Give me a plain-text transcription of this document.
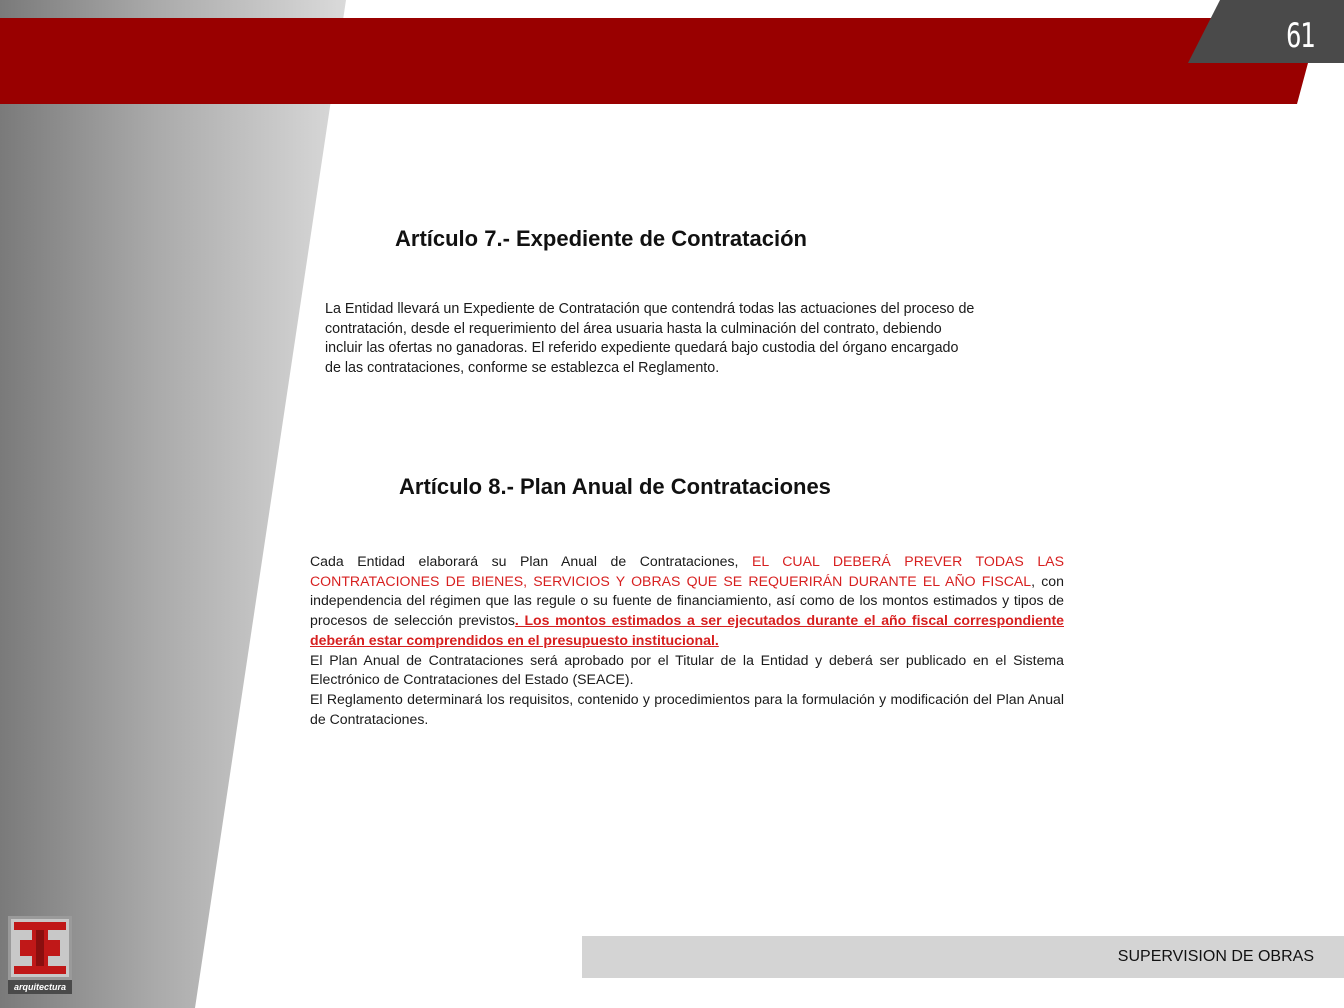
61
Artículo 7.- Expediente de Contratación

La Entidad llevará un Expediente de Contratación que contendrá todas las actuaciones del proceso de contratación, desde el requerimiento del área usuaria hasta la culminación del contrato, debiendo incluir las ofertas no ganadoras. El referido expediente quedará bajo custodia del órgano encargado de las contrataciones, conforme se establezca el Reglamento.

Artículo 8.- Plan Anual de Contrataciones

Cada Entidad elaborará su Plan Anual de Contrataciones, EL CUAL DEBERÁ PREVER TODAS LAS CONTRATACIONES DE BIENES, SERVICIOS Y OBRAS QUE SE REQUERIRÁN DURANTE EL AÑO FISCAL, con independencia del régimen que las regule o su fuente de financiamiento, así como de los montos estimados y tipos de procesos de selección previstos. Los montos estimados a ser ejecutados durante el año fiscal correspondiente deberán estar comprendidos en el presupuesto institucional.

El Plan Anual de Contrataciones será aprobado por el Titular de la Entidad y deberá ser publicado en el Sistema Electrónico de Contrataciones del Estado (SEACE).

El Reglamento determinará los requisitos, contenido y procedimientos para la formulación y modificación del Plan Anual de Contrataciones.

SUPERVISION DE OBRAS
arquitectura
